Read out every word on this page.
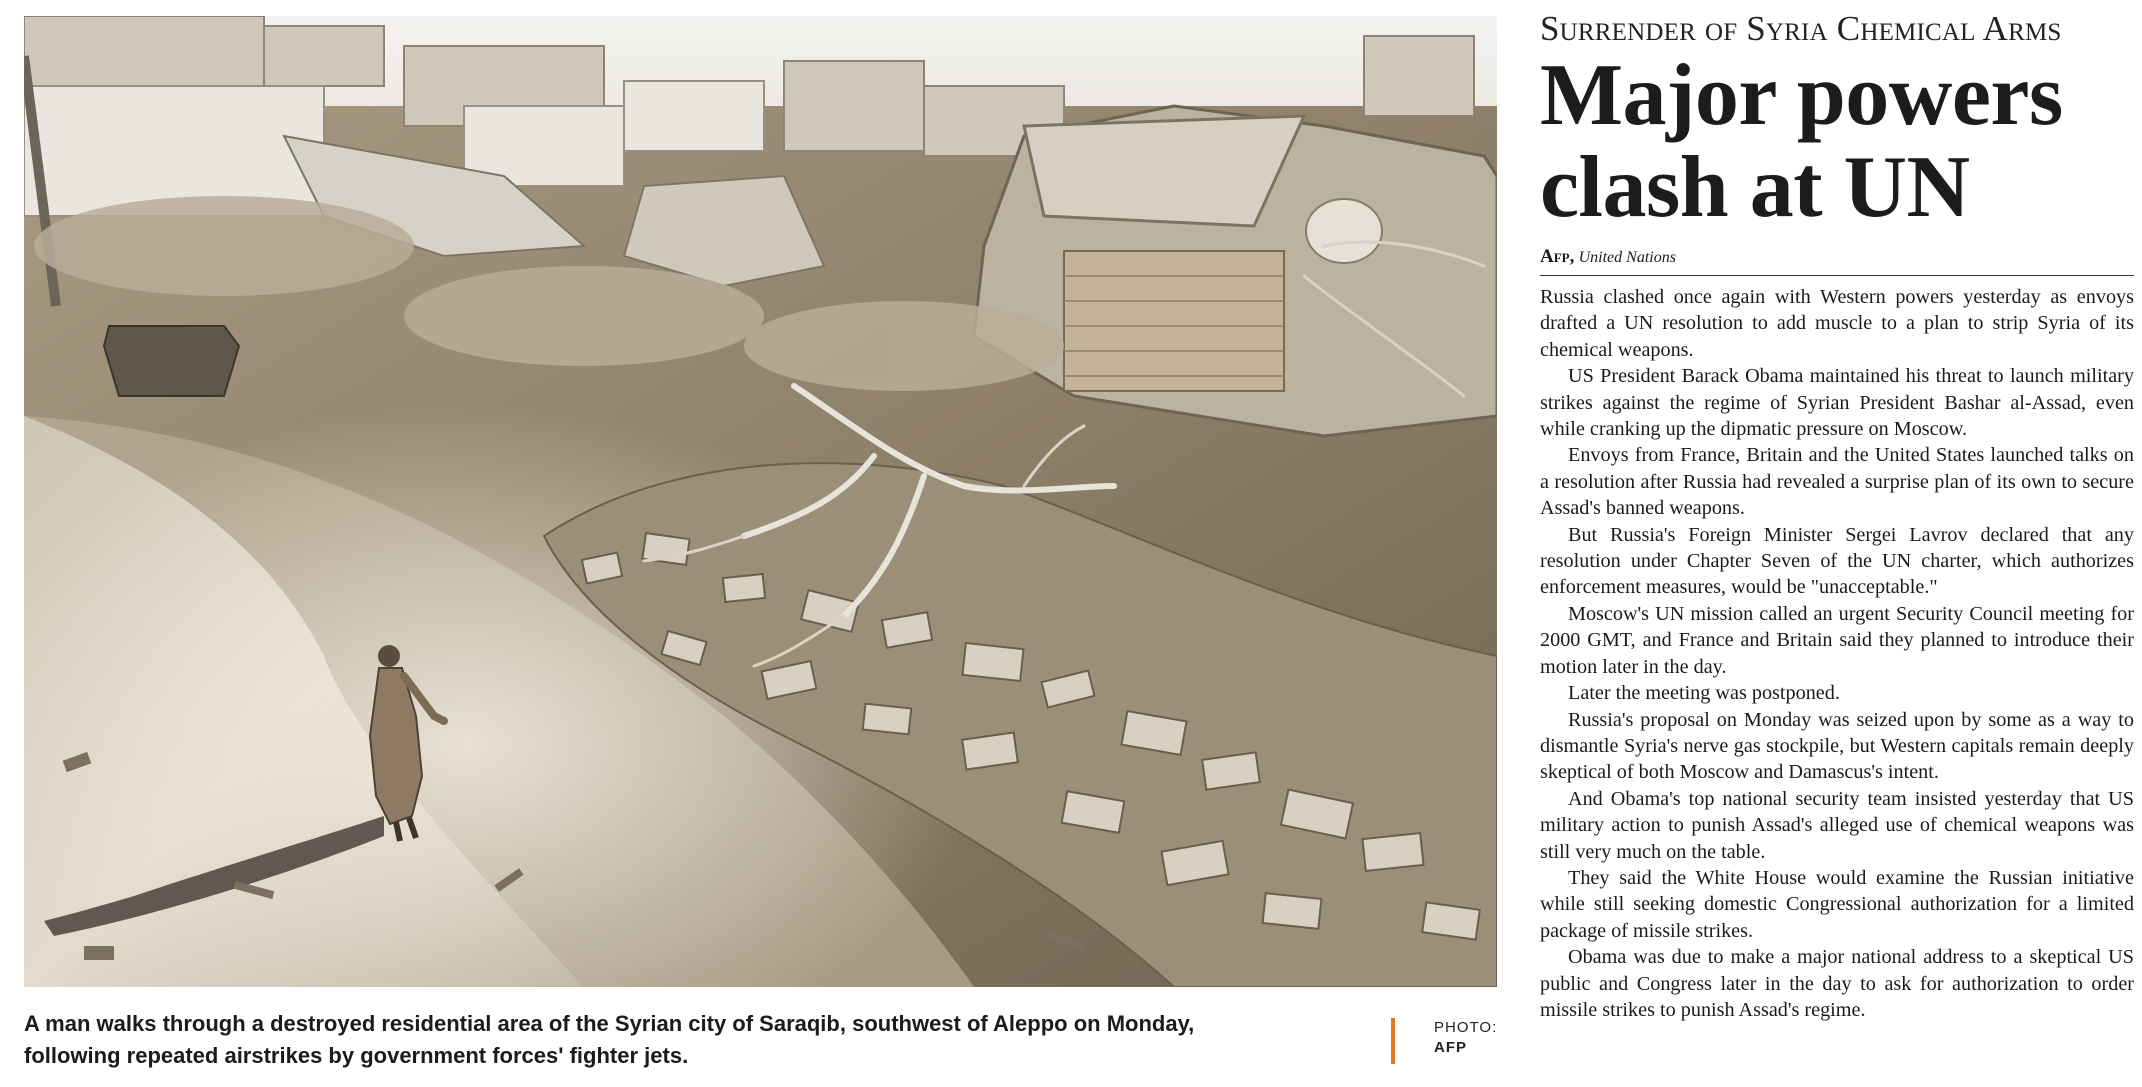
A man walks through a destroyed residential area of the Syrian city of Saraqib, southwest of Aleppo on Monday,
following repeated airstrikes by government forces' fighter jets.
PHOTO:
AFP
Surrender of Syria Chemical Arms
Major powers
clash at UN
Afp, United Nations

Russia clashed once again with Western powers yesterday as envoys drafted a UN resolution to add muscle to a plan to strip Syria of its chemical weapons.

US President Barack Obama maintained his threat to launch military strikes against the regime of Syrian President Bashar al-Assad, even while cranking up the dipmatic pressure on Moscow.

Envoys from France, Britain and the United States launched talks on a resolution after Russia had revealed a surprise plan of its own to secure Assad's banned weapons.

But Russia's Foreign Minister Sergei Lavrov declared that any resolution under Chapter Seven of the UN charter, which authorizes enforcement measures, would be "unacceptable."

Moscow's UN mission called an urgent Security Council meeting for 2000 GMT, and France and Britain said they planned to introduce their motion later in the day.

Later the meeting was postponed.

Russia's proposal on Monday was seized upon by some as a way to dismantle Syria's nerve gas stockpile, but Western capitals remain deeply skeptical of both Moscow and Damascus's intent.

And Obama's top national security team insisted yesterday that US military action to punish Assad's alleged use of chemical weapons was still very much on the table.

They said the White House would examine the Russian initiative while still seeking domestic Congressional authorization for a limited package of missile strikes.

Obama was due to make a major national address to a skeptical US public and Congress later in the day to ask for authorization to order missile strikes to punish Assad's regime.
